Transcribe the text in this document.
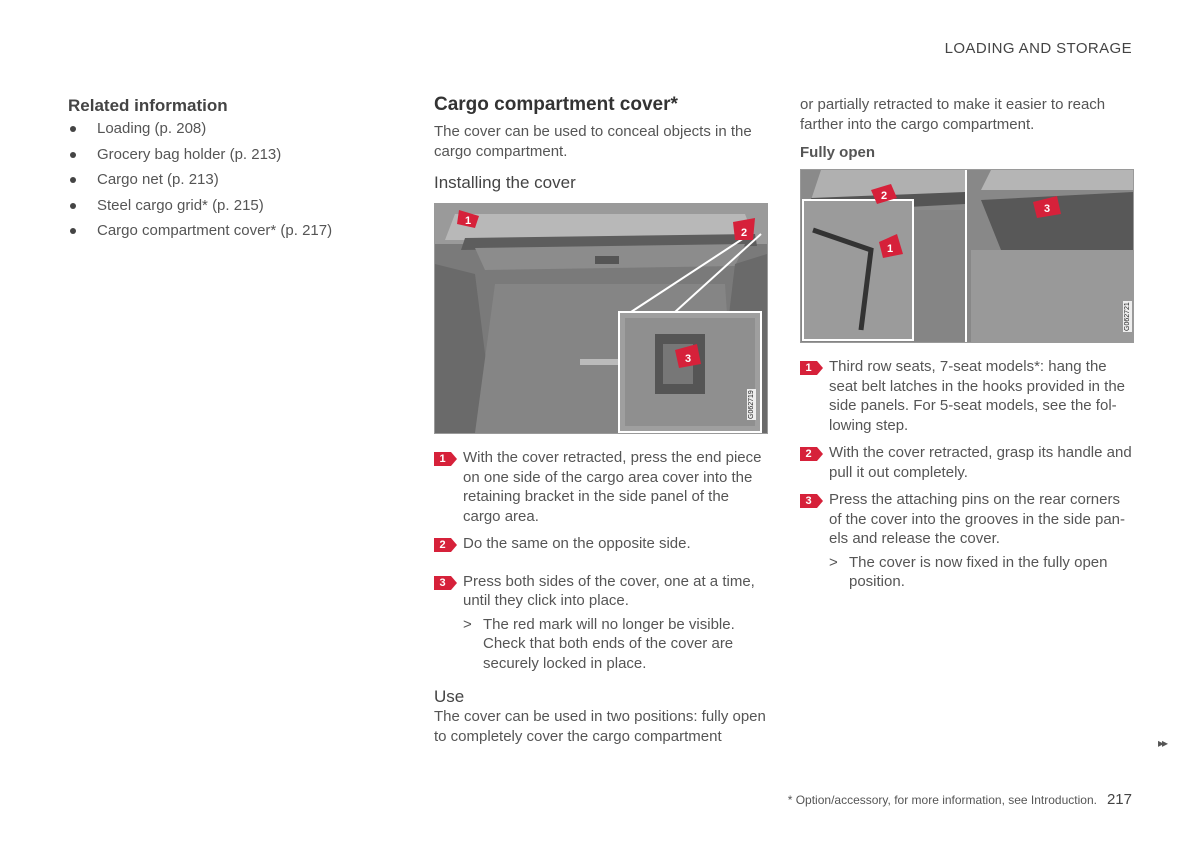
LOADING AND STORAGE
Related information
Loading (p. 208)
Grocery bag holder (p. 213)
Cargo net (p. 213)
Steel cargo grid* (p. 215)
Cargo compartment cover* (p. 217)
Cargo compartment cover*

The cover can be used to conceal objects in the cargo compartment.

Installing the cover
1
2
3
G062719
1	With the cover retracted, press the end piece on one side of the cargo area cover into the retaining bracket in the side panel of the cargo area.
2	Do the same on the opposite side.
3	Press both sides of the cover, one at a time, until they click into place.
> The red mark will no longer be visible. Check that both ends of the cover are securely locked in place.
Use

The cover can be used in two positions: fully open to completely cover the cargo compartment

or partially retracted to make it easier to reach farther into the cargo compartment.

Fully open
2
1
3
G062721
1	Third row seats, 7-seat models*: hang the seat belt latches in the hooks provided in the side panels. For 5-seat models, see the fol- lowing step.
2	With the cover retracted, grasp its handle and pull it out completely.
3	Press the attaching pins on the rear corners of the cover into the grooves in the side pan- els and release the cover.
> The cover is now fixed in the fully open position.
▸▸
* Option/accessory, for more information, see Introduction. 217
